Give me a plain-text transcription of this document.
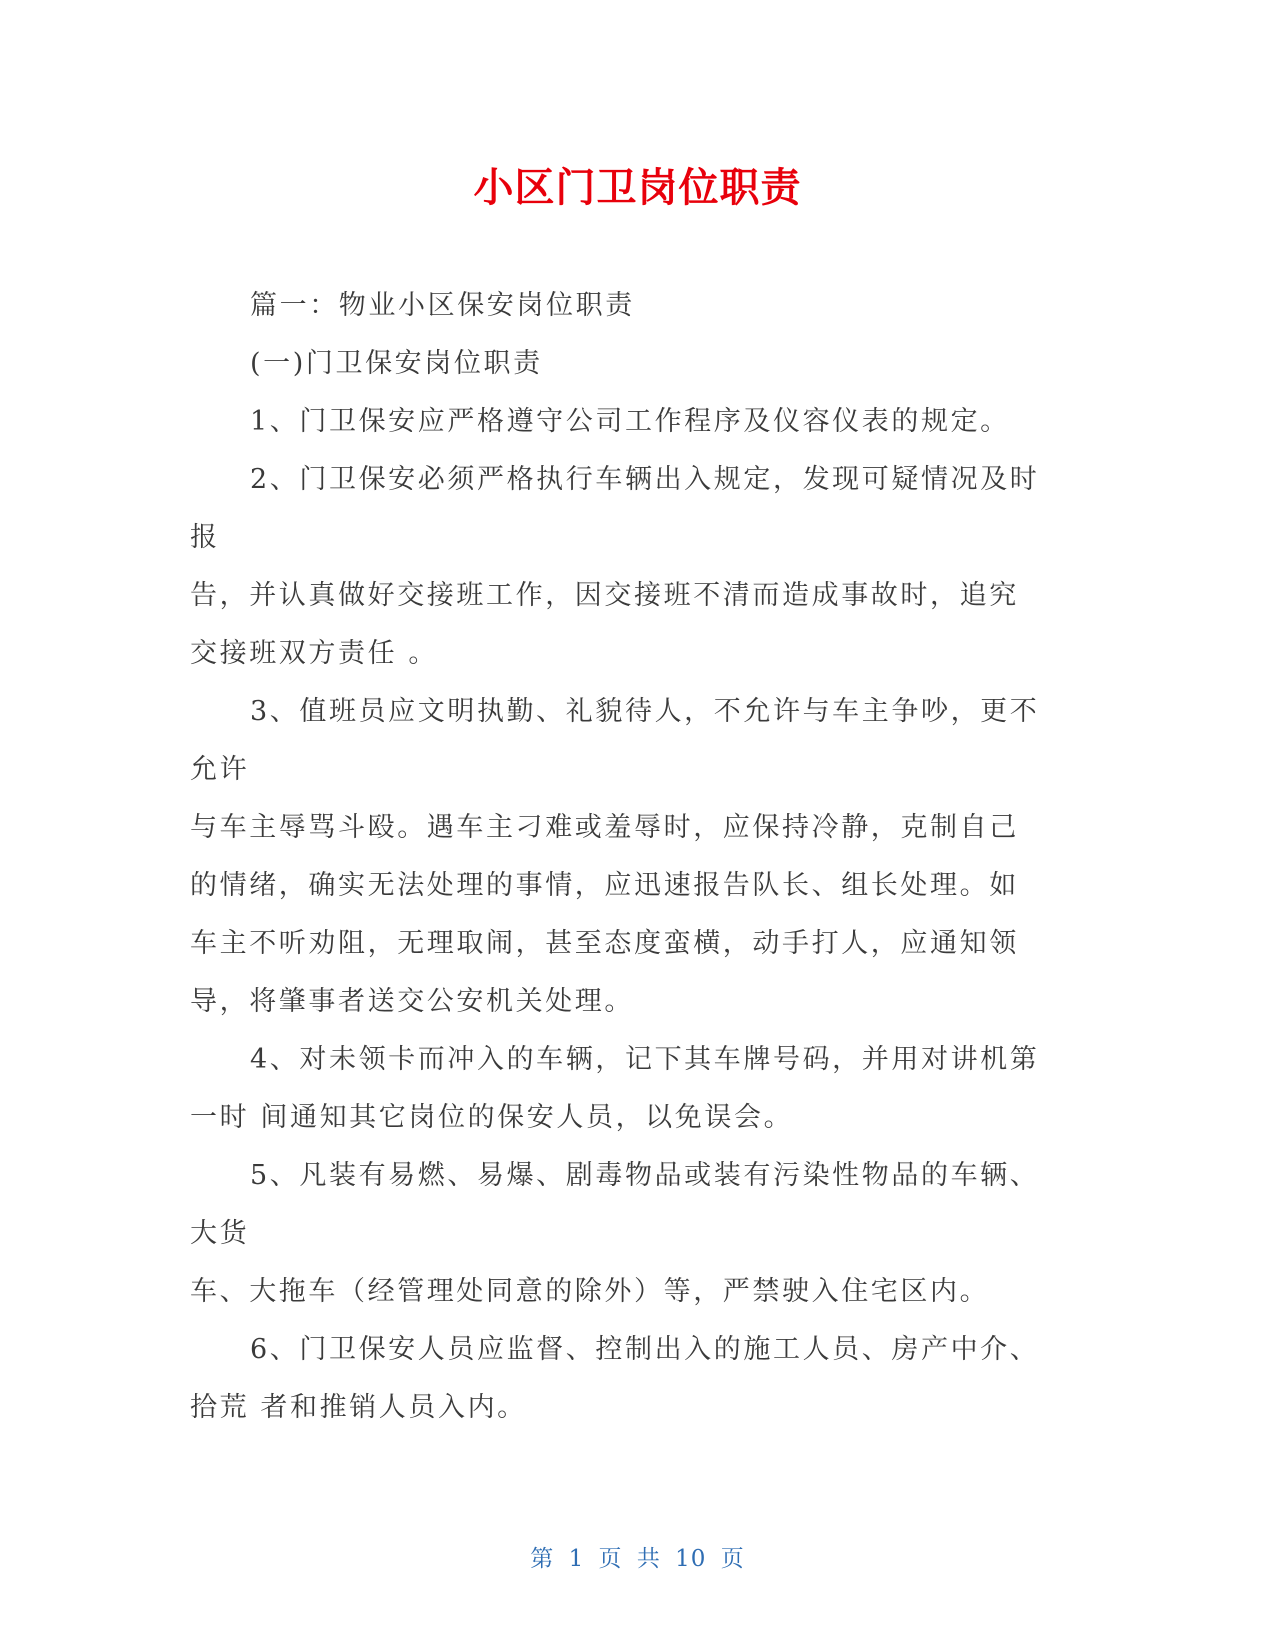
小区门卫岗位职责
篇一：物业小区保安岗位职责
(一)门卫保安岗位职责
1、门卫保安应严格遵守公司工作程序及仪容仪表的规定。
2、门卫保安必须严格执行车辆出入规定，发现可疑情况及时
报
告，并认真做好交接班工作，因交接班不清而造成事故时，追究
交接班双方责任 。
3、值班员应文明执勤、礼貌待人，不允许与车主争吵，更不
允许
与车主辱骂斗殴。遇车主刁难或羞辱时，应保持冷静，克制自己
的情绪，确实无法处理的事情，应迅速报告队长、组长处理。如
车主不听劝阻，无理取闹，甚至态度蛮横，动手打人，应通知领
导，将肇事者送交公安机关处理。
4、对未领卡而冲入的车辆，记下其车牌号码，并用对讲机第
一时 间通知其它岗位的保安人员，以免误会。
5、凡装有易燃、易爆、剧毒物品或装有污染性物品的车辆、
大货
车、大拖车（经管理处同意的除外）等，严禁驶入住宅区内。
6、门卫保安人员应监督、控制出入的施工人员、房产中介、
拾荒 者和推销人员入内。
第 1 页 共 10 页
